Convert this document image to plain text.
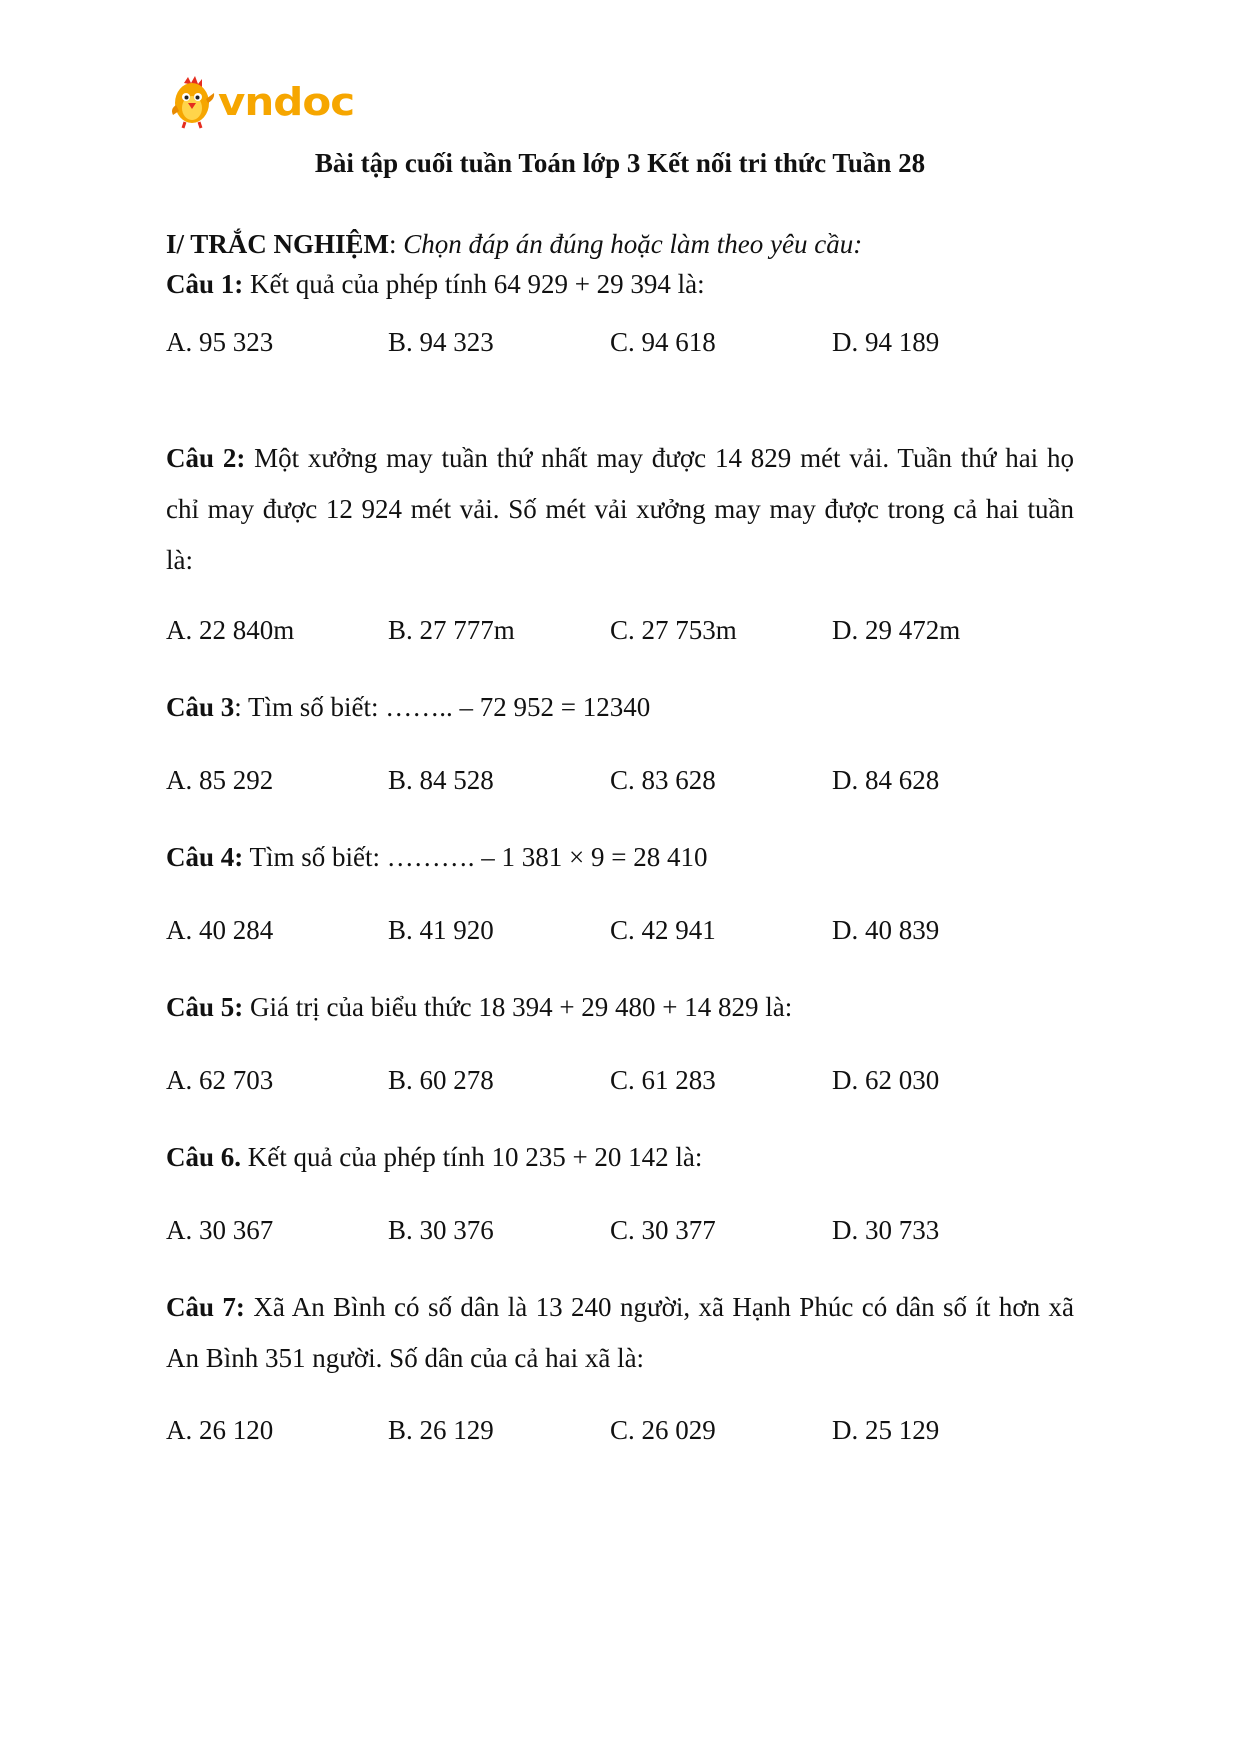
vndoc
Bài tập cuối tuần Toán lớp 3 Kết nối tri thức Tuần 28
I/ TRẮC NGHIỆM: Chọn đáp án đúng hoặc làm theo yêu cầu:
Câu 1: Kết quả của phép tính 64 929 + 29 394 là:
A. 95 323	B. 94 323	C. 94 618	D. 94 189
Câu 2: Một xưởng may tuần thứ nhất may được 14 829 mét vải. Tuần thứ hai họ chỉ may được 12 924 mét vải. Số mét vải xưởng may may được trong cả hai tuần là:
A. 22 840m	B. 27 777m	C. 27 753m	D. 29 472m
Câu 3: Tìm số biết: …….. – 72 952 = 12340
A. 85 292	B. 84 528	C. 83 628	D. 84 628
Câu 4: Tìm số biết: ………. – 1 381 × 9 = 28 410
A. 40 284	B. 41 920	C. 42 941	D. 40 839
Câu 5: Giá trị của biểu thức 18 394 + 29 480 + 14 829 là:
A. 62 703	B. 60 278	C. 61 283	D. 62 030
Câu 6. Kết quả của phép tính 10 235 + 20 142 là:
A. 30 367	B. 30 376	C. 30 377	D. 30 733
Câu 7: Xã An Bình có số dân là 13 240 người, xã Hạnh Phúc có dân số ít hơn xã An Bình 351 người. Số dân của cả hai xã là:
A. 26 120	B. 26 129	C. 26 029	D. 25 129
